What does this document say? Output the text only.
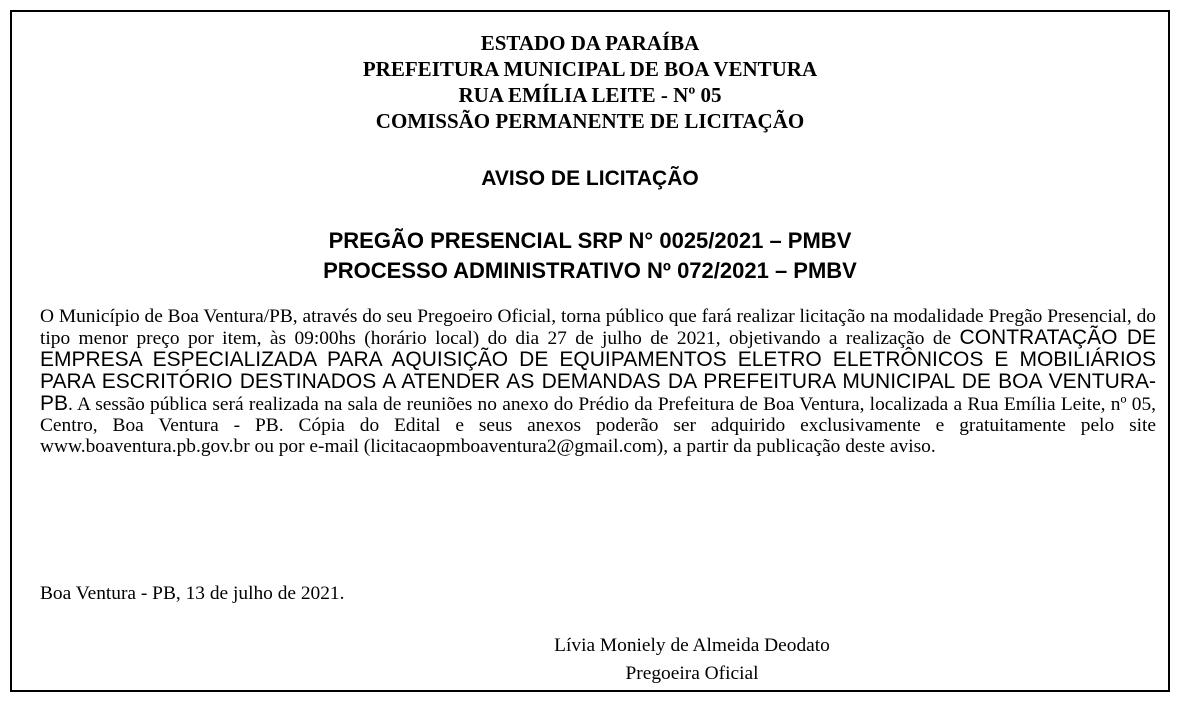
ESTADO DA PARAÍBA
PREFEITURA MUNICIPAL DE BOA VENTURA
RUA EMÍLIA LEITE - Nº 05
COMISSÃO PERMANENTE DE LICITAÇÃO
AVISO DE LICITAÇÃO
PREGÃO PRESENCIAL SRP N° 0025/2021 – PMBV
PROCESSO ADMINISTRATIVO Nº 072/2021 – PMBV
O Município de Boa Ventura/PB, através do seu Pregoeiro Oficial, torna público que fará realizar licitação na modalidade Pregão Presencial, do tipo menor preço por item, às 09:00hs (horário local) do dia 27 de julho de 2021, objetivando a realização de CONTRATAÇÃO DE EMPRESA ESPECIALIZADA PARA AQUISIÇÃO DE EQUIPAMENTOS ELETRO ELETRÔNICOS E MOBILIÁRIOS PARA ESCRITÓRIO DESTINADOS A ATENDER AS DEMANDAS DA PREFEITURA MUNICIPAL DE BOA VENTURA-PB. A sessão pública será realizada na sala de reuniões no anexo do Prédio da Prefeitura de Boa Ventura, localizada a Rua Emília Leite, nº 05, Centro, Boa Ventura - PB. Cópia do Edital e seus anexos poderão ser adquirido exclusivamente e gratuitamente pelo site www.boaventura.pb.gov.br ou por e-mail (licitacaopmboaventura2@gmail.com), a partir da publicação deste aviso.
Boa Ventura - PB, 13 de julho de 2021.
Lívia Moniely de Almeida Deodato
Pregoeira Oficial
